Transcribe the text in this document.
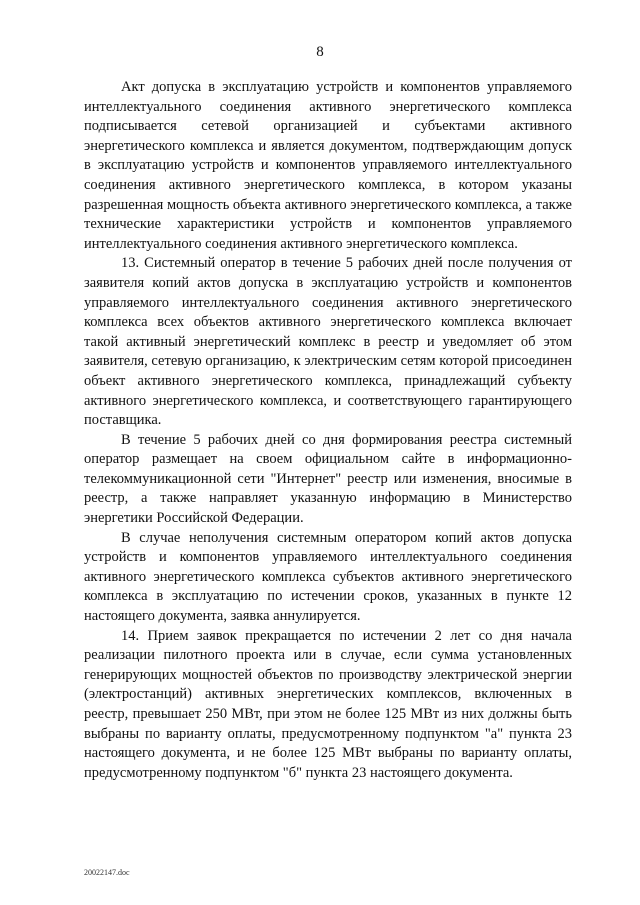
8

Акт допуска в эксплуатацию устройств и компонентов управляемого интеллектуального соединения активного энергетического комплекса подписывается сетевой организацией и субъектами активного энергетического комплекса и является документом, подтверждающим допуск в эксплуатацию устройств и компонентов управляемого интеллектуального соединения активного энергетического комплекса, в котором указаны разрешенная мощность объекта активного энергетического комплекса, а также технические характеристики устройств и компонентов управляемого интеллектуального соединения активного энергетического комплекса.

13. Системный оператор в течение 5 рабочих дней после получения от заявителя копий актов допуска в эксплуатацию устройств и компонентов управляемого интеллектуального соединения активного энергетического комплекса всех объектов активного энергетического комплекса включает такой активный энергетический комплекс в реестр и уведомляет об этом заявителя, сетевую организацию, к электрическим сетям которой присоединен объект активного энергетического комплекса, принадлежащий субъекту активного энергетического комплекса, и соответствующего гарантирующего поставщика.

В течение 5 рабочих дней со дня формирования реестра системный оператор размещает на своем официальном сайте в информационно-телекоммуникационной сети "Интернет" реестр или изменения, вносимые в реестр, а также направляет указанную информацию в Министерство энергетики Российской Федерации.

В случае неполучения системным оператором копий актов допуска устройств и компонентов управляемого интеллектуального соединения активного энергетического комплекса субъектов активного энергетического комплекса в эксплуатацию по истечении сроков, указанных в пункте 12 настоящего документа, заявка аннулируется.

14. Прием заявок прекращается по истечении 2 лет со дня начала реализации пилотного проекта или в случае, если сумма установленных генерирующих мощностей объектов по производству электрической энергии (электростанций) активных энергетических комплексов, включенных в реестр, превышает 250 МВт, при этом не более 125 МВт из них должны быть выбраны по варианту оплаты, предусмотренному подпунктом "а" пункта 23 настоящего документа, и не более 125 МВт выбраны по варианту оплаты, предусмотренному подпунктом "б" пункта 23 настоящего документа.

20022147.doc
